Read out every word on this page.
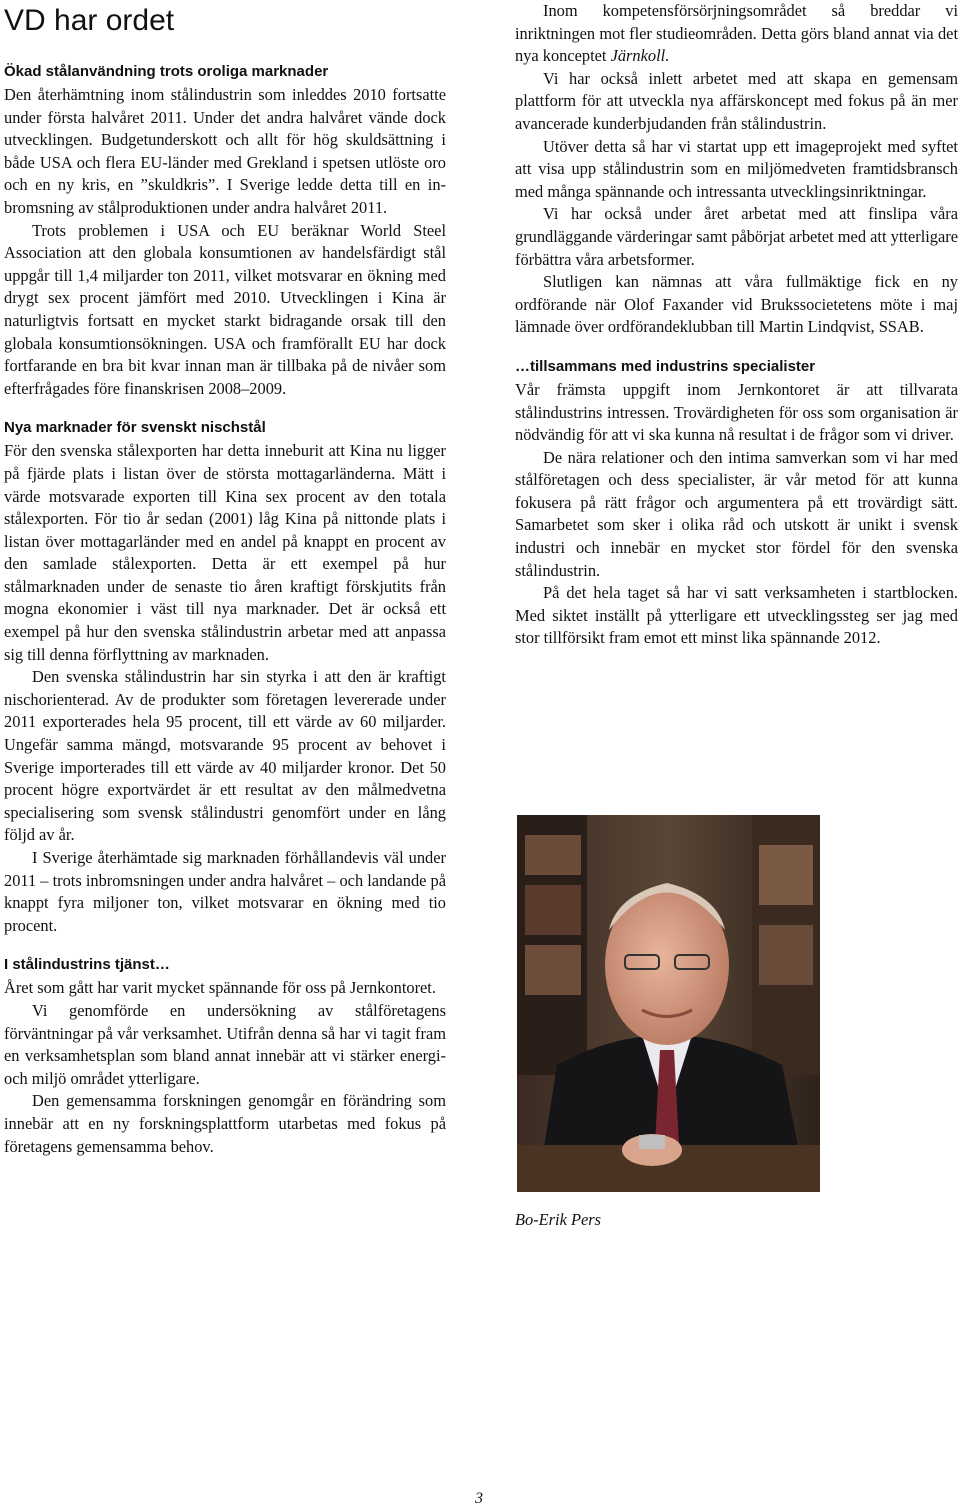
VD har ordet
Ökad stålanvändning trots oroliga marknader

Den återhämtning inom stålindustrin som inleddes 2010 fortsatte under första halvåret 2011. Under det andra halvåret vände dock utvecklingen. Budgetunderskott och allt för hög skuldsättning i både USA och flera EU-länder med Grekland i spetsen utlöste oro och en ny kris, en ”skuldkris”. I Sverige ledde detta till en inbromsning av stålproduktionen under andra halvåret 2011.

Trots problemen i USA och EU beräknar World Steel Association att den globala konsumtionen av handelsfärdigt stål uppgår till 1,4 miljarder ton 2011, vilket motsvarar en ökning med drygt sex procent jämfört med 2010. Utvecklingen i Kina är naturligtvis fortsatt en mycket starkt bidragande orsak till den globala konsumtionsökningen. USA och framförallt EU har dock fortfarande en bra bit kvar innan man är tillbaka på de nivåer som efterfrågades före finanskrisen 2008–2009.

Nya marknader för svenskt nischstål

För den svenska stålexporten har detta inneburit att Kina nu ligger på fjärde plats i listan över de största mottagarländerna. Mätt i värde motsvarade exporten till Kina sex procent av den totala stålexporten. För tio år sedan (2001) låg Kina på nittonde plats i listan över mottagarländer med en andel på knappt en procent av den samlade stålexporten. Detta är ett exempel på hur stålmarknaden under de senaste tio åren kraftigt förskjutits från mogna ekonomier i väst till nya marknader. Det är också ett exempel på hur den svenska stålindustrin arbetar med att anpassa sig till denna förflyttning av marknaden.

Den svenska stålindustrin har sin styrka i att den är kraftigt nischorienterad. Av de produkter som företagen levererade under 2011 exporterades hela 95 procent, till ett värde av 60 miljarder. Ungefär samma mängd, motsvarande 95 procent av behovet i Sverige importerades till ett värde av 40 miljarder kronor. Det 50 procent högre exportvärdet är ett resultat av den målmedvetna specialisering som svensk stålindustri genomfört under en lång följd av år.

I Sverige återhämtade sig marknaden förhållandevis väl under 2011 – trots inbromsningen under andra halvåret – och landande på knappt fyra miljoner ton, vilket motsvarar en ökning med tio procent.

I stålindustrins tjänst…

Året som gått har varit mycket spännande för oss på Jernkontoret.

Vi genomförde en undersökning av stålföretagens förväntningar på vår verksamhet. Utifrån denna så har vi tagit fram en verksamhetsplan som bland annat innebär att vi stärker energi- och miljö området ytterligare.

Den gemensamma forskningen genomgår en förändring som innebär att en ny forskningsplattform utarbetas med fokus på företagens gemensamma behov.

Inom kompetensförsörjningsområdet så breddar vi inriktningen mot fler studieområden. Detta görs bland annat via det nya konceptet Järnkoll.

Vi har också inlett arbetet med att skapa en gemensam plattform för att utveckla nya affärskoncept med fokus på än mer avancerade kunderbjudanden från stålindustrin.

Utöver detta så har vi startat upp ett imageprojekt med syftet att visa upp stålindustrin som en miljömedveten framtidsbransch med många spännande och intressanta utvecklingsinriktningar.

Vi har också under året arbetat med att finslipa våra grundläggande värderingar samt påbörjat arbetet med att ytterligare förbättra våra arbetsformer.

Slutligen kan nämnas att våra fullmäktige fick en ny ordförande när Olof Faxander vid Brukssocietetens möte i maj lämnade över ordförandeklubban till Martin Lindqvist, SSAB.

…tillsammans med industrins specialister

Vår främsta uppgift inom Jernkontoret är att tillvarata stålindustrins intressen. Trovärdigheten för oss som organisation är nödvändig för att vi ska kunna nå resultat i de frågor som vi driver.

De nära relationer och den intima samverkan som vi har med stålföretagen och dess specialister, är vår metod för att kunna fokusera på rätt frågor och argumentera på ett trovärdigt sätt. Samarbetet som sker i olika råd och utskott är unikt i svensk industri och innebär en mycket stor fördel för den svenska stålindustrin.

På det hela taget så har vi satt verksamheten i startblocken. Med siktet inställt på ytterligare ett utvecklingssteg ser jag med stor tillförsikt fram emot ett minst lika spännande 2012.

Bo-Erik Pers
3
